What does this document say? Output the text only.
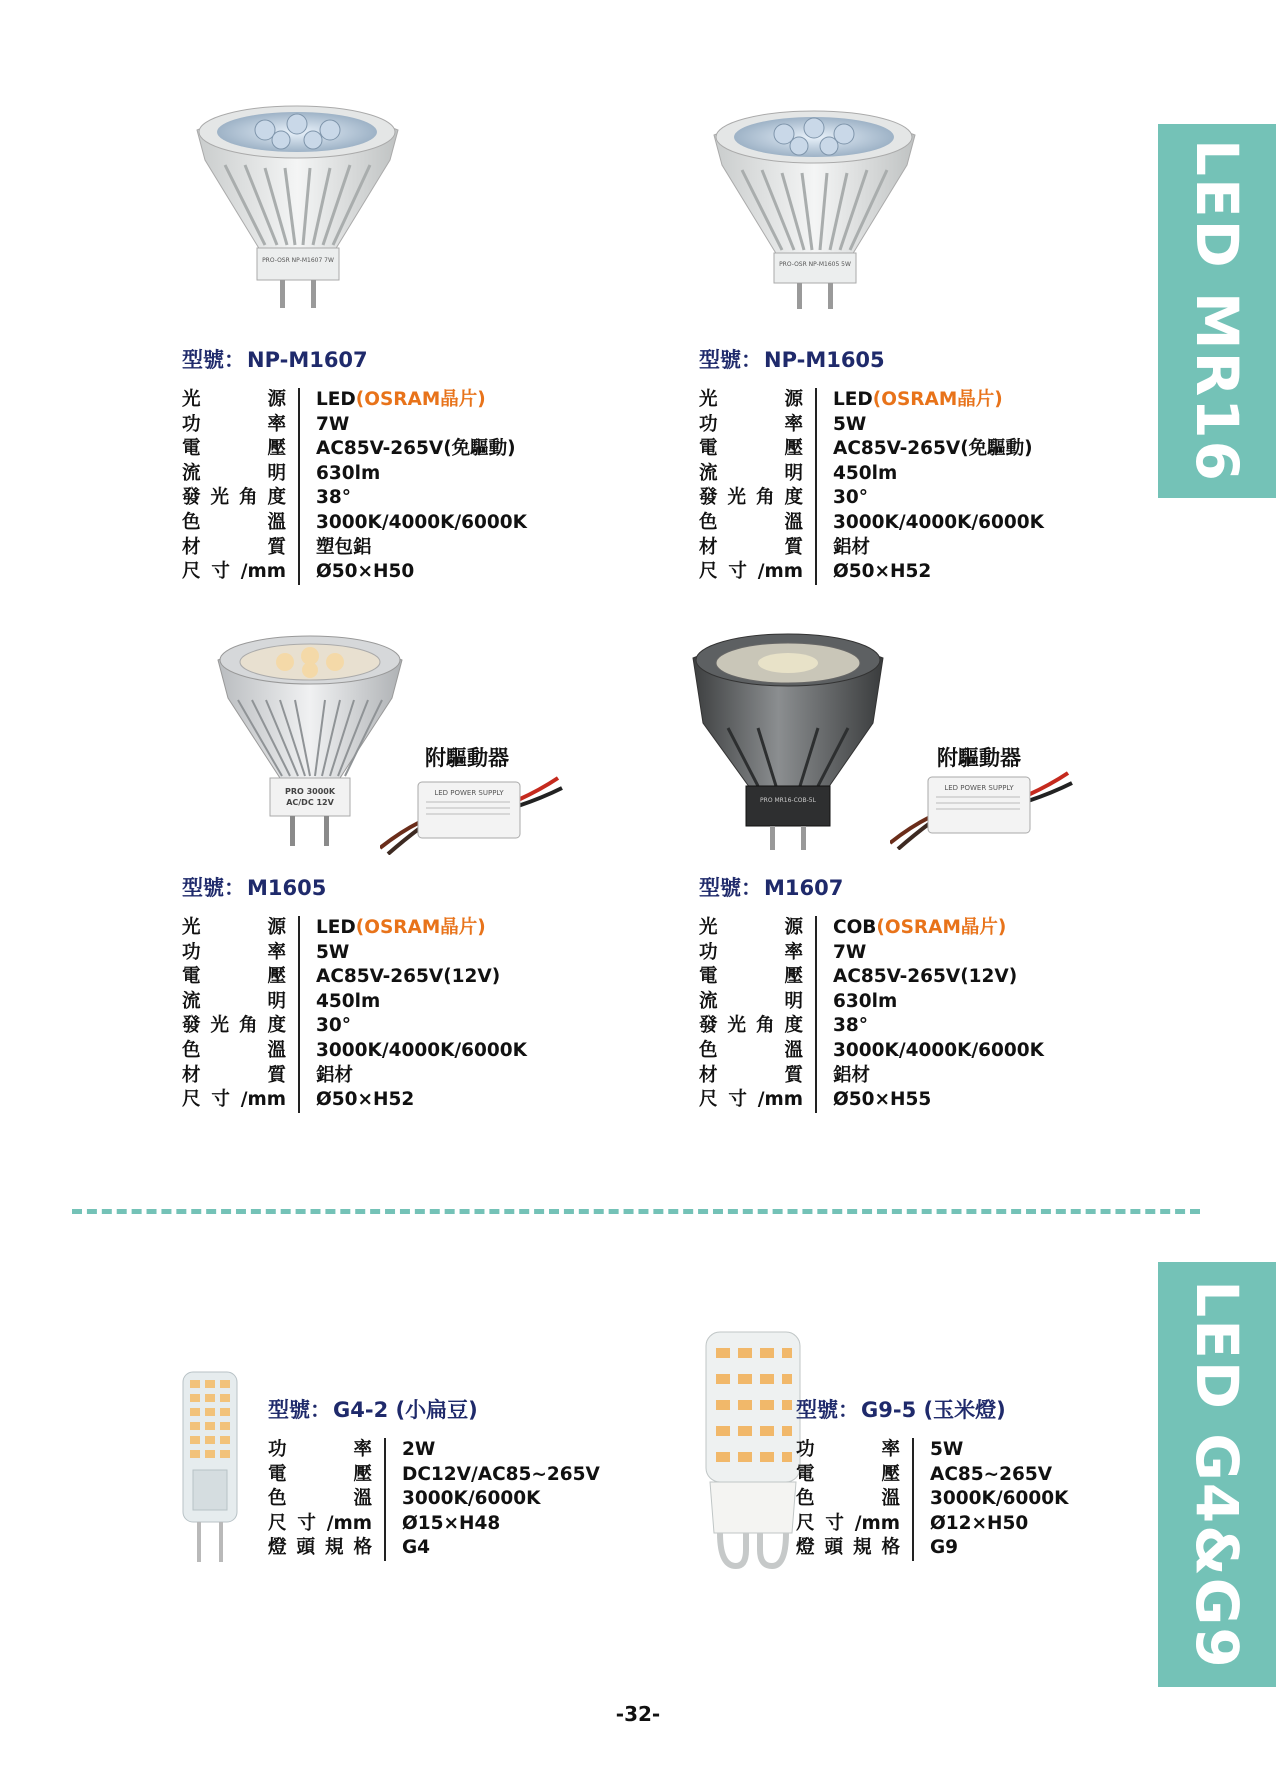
LED MR16
LED G4&G9
PRO-OSR NP-M1607 7W
PRO-OSR NP-M1605 5W
PRO 3000K
AC/DC 12V
附驅動器
LED POWER SUPPLY
PRO MR16-COB-5L
附驅動器
LED POWER SUPPLY
型號：NP-M1607
光源		LED(OSRAM晶片)
功率		7W
電壓		AC85V-265V(免驅動)
流明		630lm
發光角度		38°
色溫		3000K/4000K/6000K
材質		塑包鋁
尺寸/mm		Ø50×H50
型號：NP-M1605
光源		LED(OSRAM晶片)
功率		5W
電壓		AC85V-265V(免驅動)
流明		450lm
發光角度		30°
色溫		3000K/4000K/6000K
材質		鋁材
尺寸/mm		Ø50×H52
型號：M1605
光源		LED(OSRAM晶片)
功率		5W
電壓		AC85V-265V(12V)
流明		450lm
發光角度		30°
色溫		3000K/4000K/6000K
材質		鋁材
尺寸/mm		Ø50×H52
型號：M1607
光源		COB(OSRAM晶片)
功率		7W
電壓		AC85V-265V(12V)
流明		630lm
發光角度		38°
色溫		3000K/4000K/6000K
材質		鋁材
尺寸/mm		Ø50×H55
型號：G4-2 (小扁豆)
功率		2W
電壓		DC12V/AC85~265V
色溫		3000K/6000K
尺寸/mm		Ø15×H48
燈頭規格		G4
型號：G9-5 (玉米燈)
功率		5W
電壓		AC85~265V
色溫		3000K/6000K
尺寸/mm		Ø12×H50
燈頭規格		G9
-32-
